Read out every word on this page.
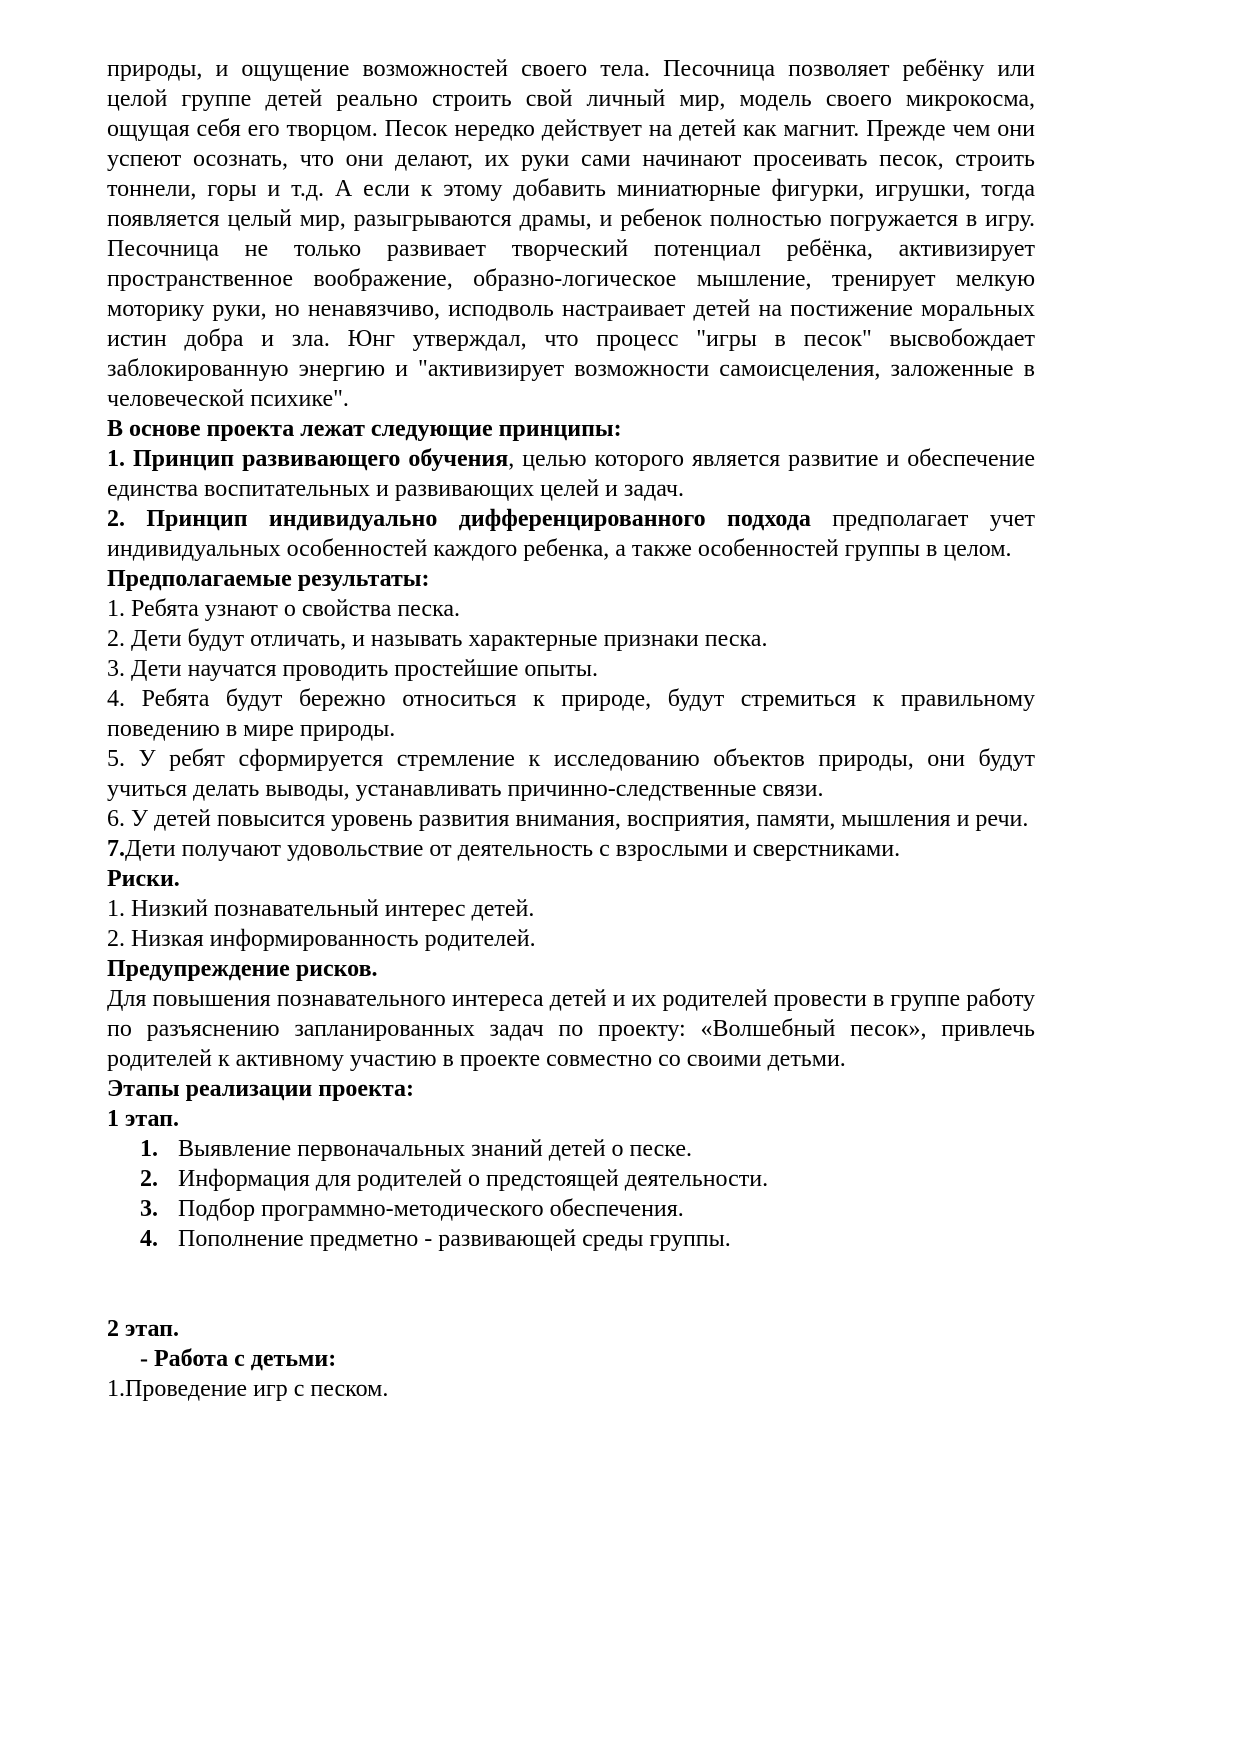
природы, и ощущение возможностей своего тела. Песочница позволяет ребёнку или целой группе детей реально строить свой личный мир, модель своего микрокосма, ощущая себя его творцом. Песок нередко действует на детей как магнит. Прежде чем они успеют осознать, что они делают, их руки сами начинают просеивать песок, строить тоннели, горы и т.д. А если к этому добавить миниатюрные фигурки, игрушки, тогда появляется целый мир, разыгрываются драмы, и ребенок полностью погружается в игру. Песочница не только развивает творческий потенциал ребёнка, активизирует пространственное воображение, образно-логическое мышление, тренирует мелкую моторику руки, но ненавязчиво, исподволь настраивает детей на постижение моральных истин добра и зла. Юнг утверждал, что процесс "игры в песок" высвобождает заблокированную энергию и "активизирует возможности самоисцеления, заложенные в человеческой психике".
В основе проекта лежат следующие принципы:
1. Принцип развивающего обучения, целью которого является развитие и обеспечение единства воспитательных и развивающих целей и задач.
2. Принцип индивидуально дифференцированного подхода предполагает учет индивидуальных особенностей каждого ребенка, а также особенностей группы в целом.
Предполагаемые результаты:
1. Ребята узнают о свойства песка.
2. Дети будут отличать, и называть характерные признаки песка.
3. Дети научатся проводить простейшие опыты.
4. Ребята будут бережно относиться к природе, будут стремиться к правильному поведению в мире природы.
5. У ребят сформируется стремление к исследованию объектов природы, они будут учиться делать выводы, устанавливать причинно-следственные связи.
6. У детей повысится уровень развития внимания, восприятия, памяти, мышления и речи.
7.Дети получают удовольствие от деятельность с взрослыми и сверстниками.
Риски.
1. Низкий познавательный интерес детей.
2. Низкая информированность родителей.
Предупреждение рисков.
Для повышения познавательного интереса детей и их родителей провести в группе работу по разъяснению запланированных задач по проекту: «Волшебный песок», привлечь родителей к активному участию в проекте совместно со своими детьми.
Этапы реализации проекта:
1 этап.
1. Выявление первоначальных знаний детей о песке.
2. Информация для родителей о предстоящей деятельности.
3. Подбор программно-методического обеспечения.
4. Пополнение предметно - развивающей среды группы.
2 этап.
- Работа с детьми:
1.Проведение игр с песком.
